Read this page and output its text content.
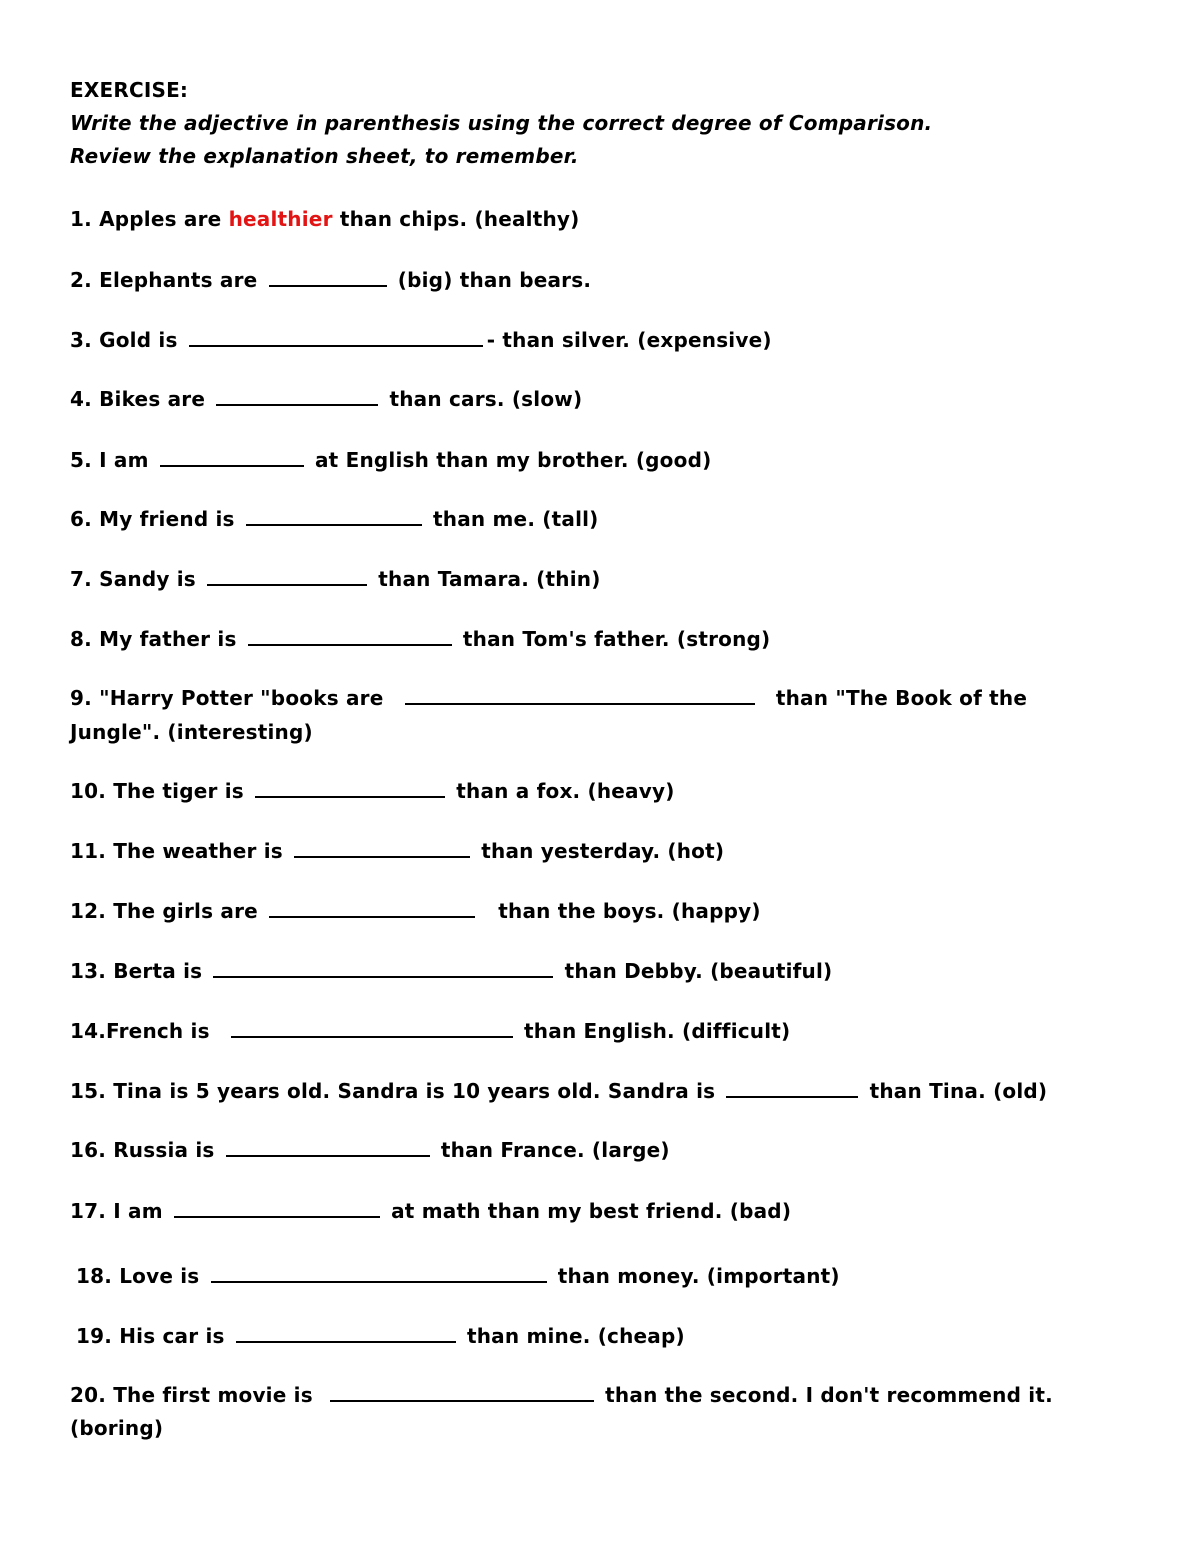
EXERCISE:
Write the adjective in parenthesis using the correct degree of Comparison.
Review the explanation sheet, to remember.
1. Apples are healthier than chips. (healthy)
2. Elephants are	(big) than bears.
3. Gold is	- than silver. (expensive)
4. Bikes are	than cars. (slow)
5. I am	at English than my brother. (good)
6. My friend is	than me. (tall)
7. Sandy is	than Tamara. (thin)
8. My father is	than Tom's father. (strong)
9. "Harry Potter "books are	than "The Book of the
Jungle". (interesting)
10. The tiger is	than a fox. (heavy)
11. The weather is	than yesterday. (hot)
12. The girls are	than the boys. (happy)
13. Berta is	than Debby. (beautiful)
14.French is	than English. (difficult)
15. Tina is 5 years old. Sandra is 10 years old. Sandra is	than Tina. (old)
16. Russia is	than France. (large)
17. I am	at math than my best friend. (bad)
18. Love is	than money. (important)
19. His car is	than mine. (cheap)
20. The first movie is	than the second. I don't recommend it.
(boring)
